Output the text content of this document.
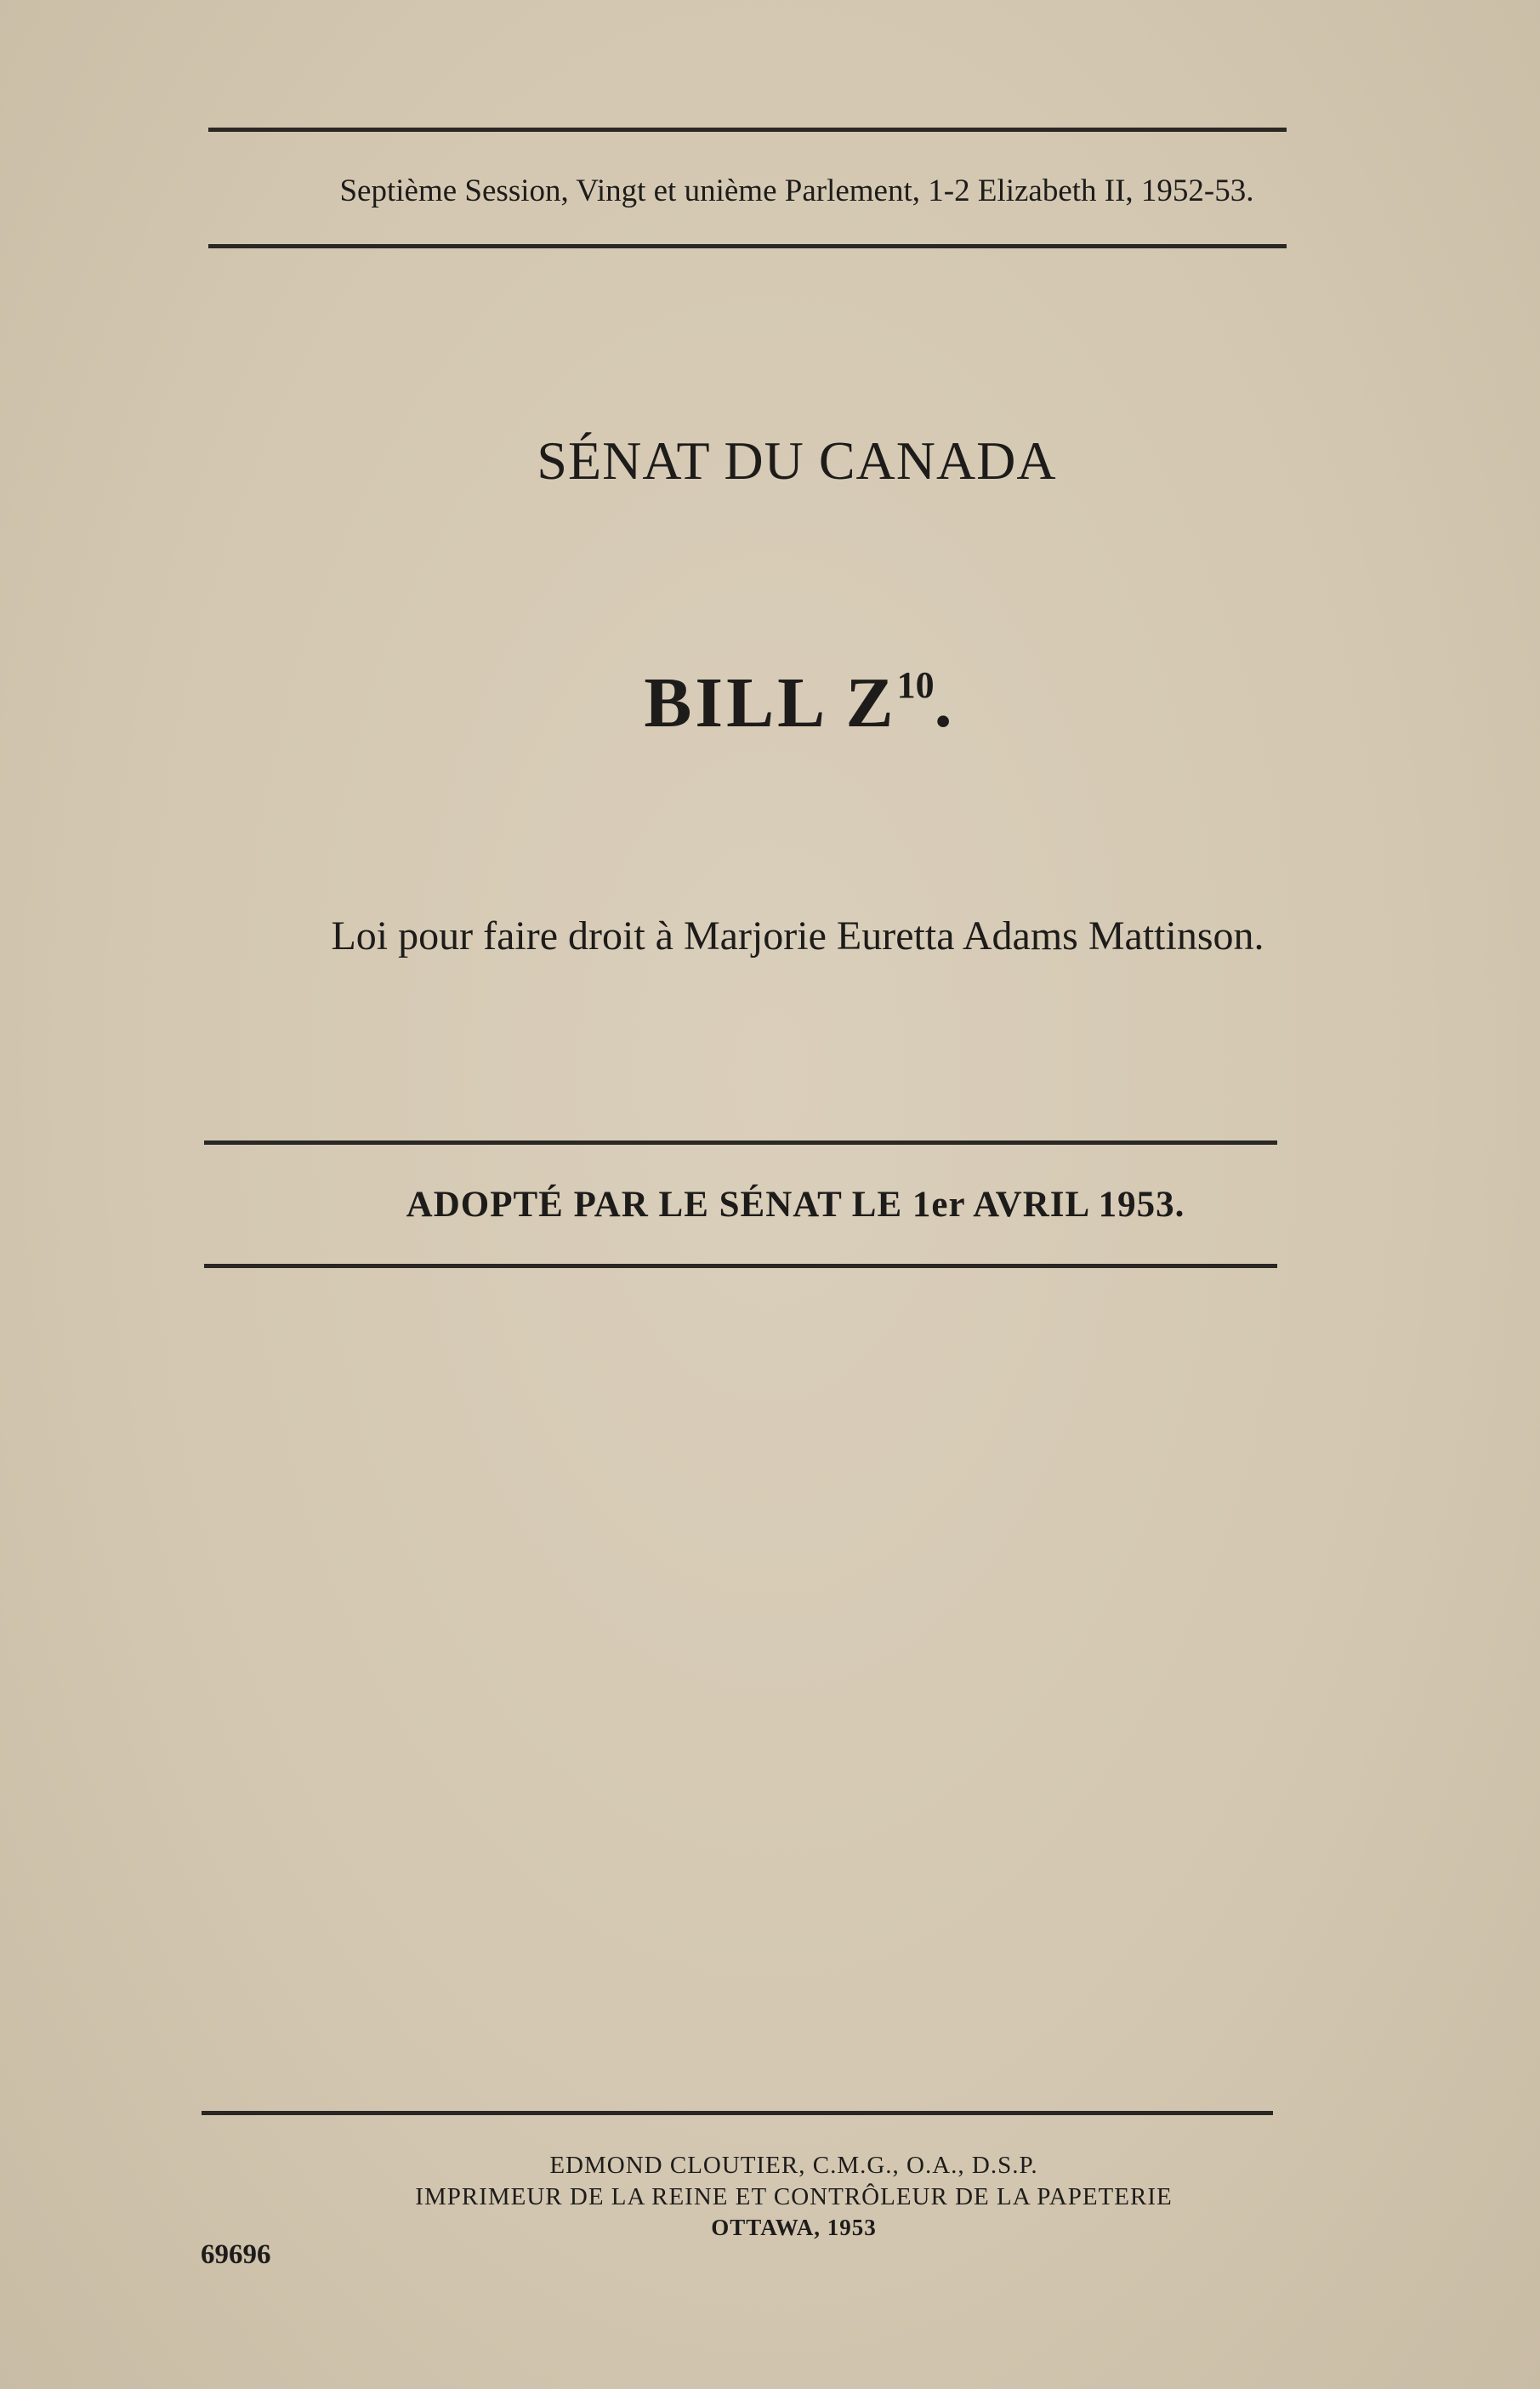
Septième Session, Vingt et unième Parlement, 1-2 Elizabeth II, 1952-53.
SÉNAT DU CANADA
BILL $Z^{10}$.
Loi pour faire droit à Marjorie Euretta Adams Mattinson.
ADOPTÉ PAR LE SÉNAT LE 1er AVRIL 1953.
EDMOND CLOUTIER, C.M.G., O.A., D.S.P.
IMPRIMEUR DE LA REINE ET CONTRÔLEUR DE LA PAPETERIE
OTTAWA, 1953
69696
